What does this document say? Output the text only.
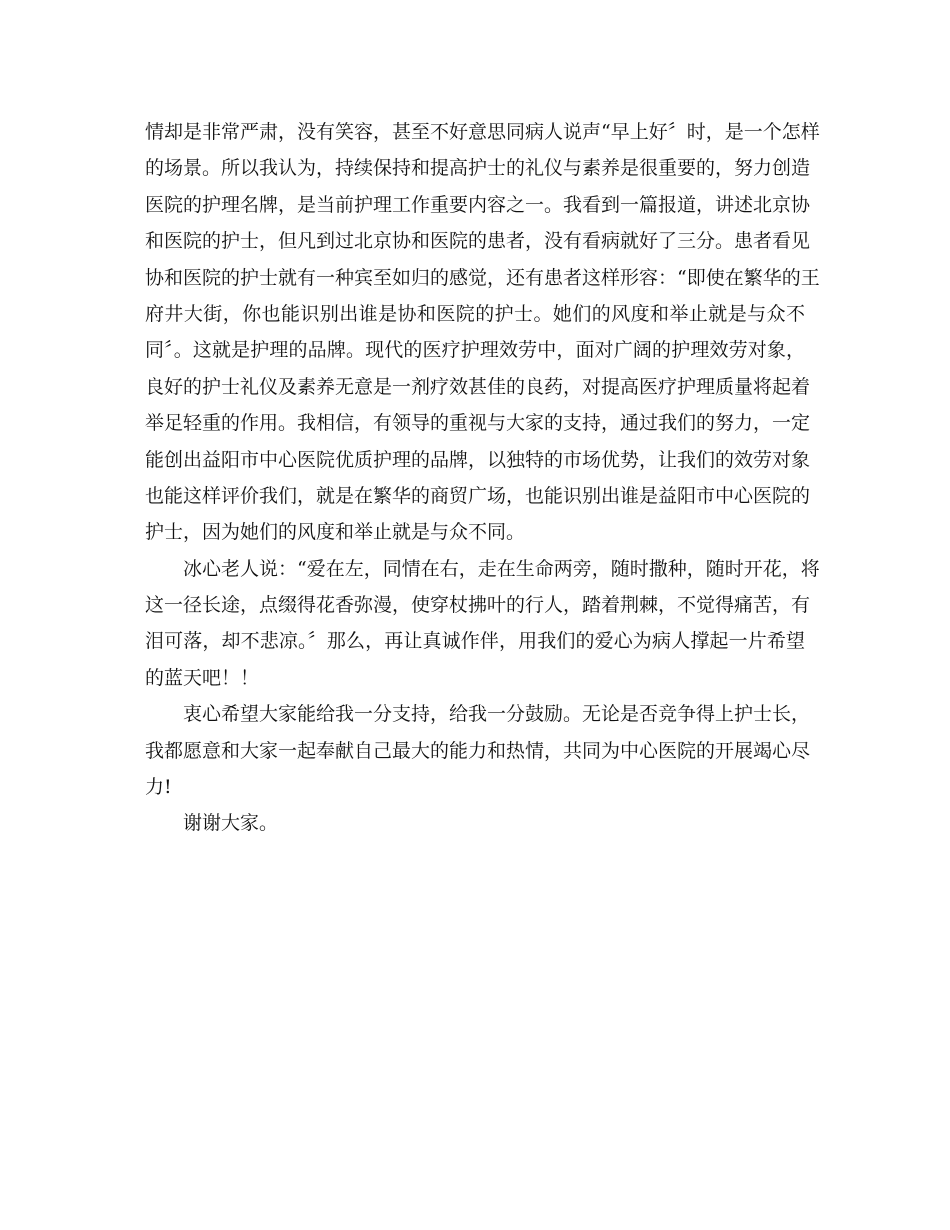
情却是非常严肃，没有笑容，甚至不好意思同病人说声“早上好〞时，是一个怎样
的场景。所以我认为，持续保持和提高护士的礼仪与素养是很重要的，努力创造
医院的护理名牌，是当前护理工作重要内容之一。我看到一篇报道，讲述北京协
和医院的护士，但凡到过北京协和医院的患者，没有看病就好了三分。患者看见
协和医院的护士就有一种宾至如归的感觉，还有患者这样形容：“即使在繁华的王
府井大街，你也能识别出谁是协和医院的护士。她们的风度和举止就是与众不
同〞。这就是护理的品牌。现代的医疗护理效劳中，面对广阔的护理效劳对象，
良好的护士礼仪及素养无意是一剂疗效甚佳的良药，对提高医疗护理质量将起着
举足轻重的作用。我相信，有领导的重视与大家的支持，通过我们的努力，一定
能创出益阳市中心医院优质护理的品牌，以独特的市场优势，让我们的效劳对象
也能这样评价我们，就是在繁华的商贸广场，也能识别出谁是益阳市中心医院的
护士，因为她们的风度和举止就是与众不同。
冰心老人说：“爱在左，同情在右，走在生命两旁，随时撒种，随时开花，将
这一径长途，点缀得花香弥漫，使穿杖拂叶的行人，踏着荆棘，不觉得痛苦，有
泪可落，却不悲凉。〞那么，再让真诚作伴，用我们的爱心为病人撑起一片希望
的蓝天吧！！
衷心希望大家能给我一分支持，给我一分鼓励。无论是否竞争得上护士长，
我都愿意和大家一起奉献自己最大的能力和热情，共同为中心医院的开展竭心尽
力!
谢谢大家。
